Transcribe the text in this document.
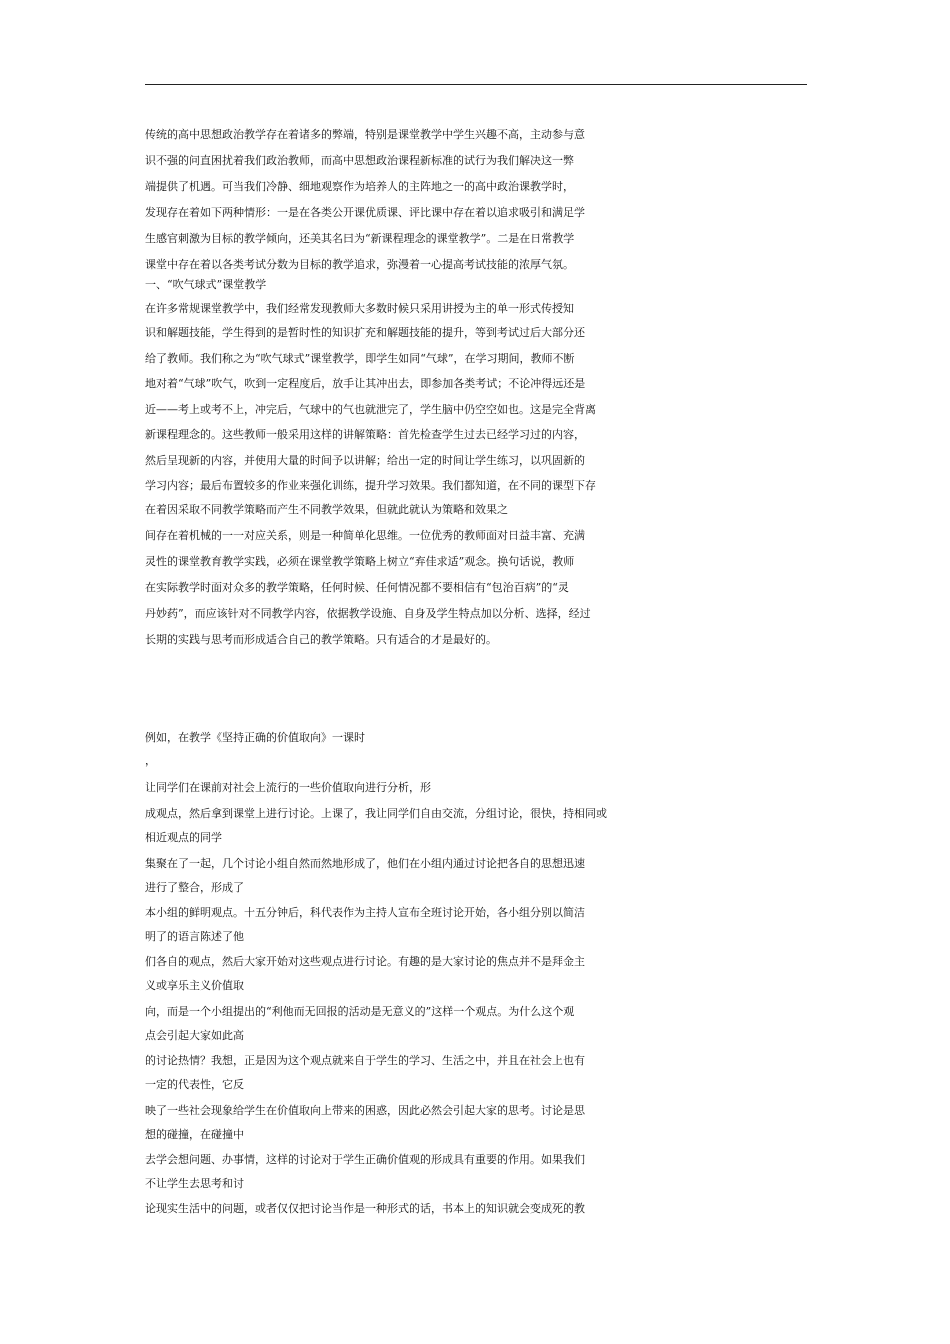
传统的高中思想政治教学存在着诸多的弊端，特别是课堂教学中学生兴趣不高，主动参与意
识不强的问直困扰着我们政治教师，而高中思想政治课程新标准的试行为我们解决这一弊
端提供了机遇。可当我们冷静、细地观察作为培养人的主阵地之一的高中政治课教学时，
发现存在着如下两种情形：一是在各类公开课优质课、评比课中存在着以追求吸引和满足学
生感官刺激为目标的教学倾向，还美其名曰为“新课程理念的课堂教学”。二是在日常教学
课堂中存在着以各类考试分数为目标的教学追求，弥漫着一心提高考试技能的浓厚气氛。
一、“吹气球式”课堂教学
在许多常规课堂教学中，我们经常发现教师大多数时候只采用讲授为主的单一形式传授知
识和解题技能，学生得到的是暂时性的知识扩充和解题技能的提升，等到考试过后大部分还
给了教师。我们称之为“吹气球式”课堂教学，即学生如同“气球”，在学习期间，教师不断
地对着“气球”吹气，吹到一定程度后，放手让其冲出去，即参加各类考试；不论冲得远还是
近——考上或考不上，冲完后，气球中的气也就泄完了，学生脑中仍空空如也。这是完全背离
新课程理念的。这些教师一般采用这样的讲解策略：首先检查学生过去已经学习过的内容，
然后呈现新的内容，并使用大量的时间予以讲解；给出一定的时间让学生练习，以巩固新的
学习内容；最后布置较多的作业来强化训练，提升学习效果。我们都知道，在不同的课型下存
在着因采取不同教学策略而产生不同教学效果，但就此就认为策略和效果之
间存在着机械的一一对应关系，则是一种简单化思维。一位优秀的教师面对日益丰富、充满
灵性的课堂教育教学实践，必须在课堂教学策略上树立“弃佳求适”观念。换句话说，教师
在实际教学时面对众多的教学策略，任何时候、任何情况都不要相信有“包治百病”的“灵
丹妙药”，而应该针对不同教学内容，依据教学设施、自身及学生特点加以分析、选择，经过
长期的实践与思考而形成适合自己的教学策略。只有适合的才是最好的。
例如，在教学《坚持正确的价值取向》一课时
，
让同学们在课前对社会上流行的一些价值取向进行分析，形
成观点，然后拿到课堂上进行讨论。上课了，我让同学们自由交流，分组讨论，很快，持相同或
相近观点的同学
集聚在了一起，几个讨论小组自然而然地形成了，他们在小组内通过讨论把各自的思想迅速
进行了整合，形成了
本小组的鲜明观点。十五分钟后，科代表作为主持人宣布全班讨论开始，各小组分别以简洁
明了的语言陈述了他
们各自的观点，然后大家开始对这些观点进行讨论。有趣的是大家讨论的焦点并不是拜金主
义或享乐主义价值取
向，而是一个小组提出的“利他而无回报的活动是无意义的”这样一个观点。为什么这个观
点会引起大家如此高
的讨论热情？我想，正是因为这个观点就来自于学生的学习、生活之中，并且在社会上也有
一定的代表性，它反
映了一些社会现象给学生在价值取向上带来的困惑，因此必然会引起大家的思考。讨论是思
想的碰撞，在碰撞中
去学会想问题、办事情，这样的讨论对于学生正确价值观的形成具有重要的作用。如果我们
不让学生去思考和讨
论现实生活中的问题，或者仅仅把讨论当作是一种形式的话，书本上的知识就会变成死的教
